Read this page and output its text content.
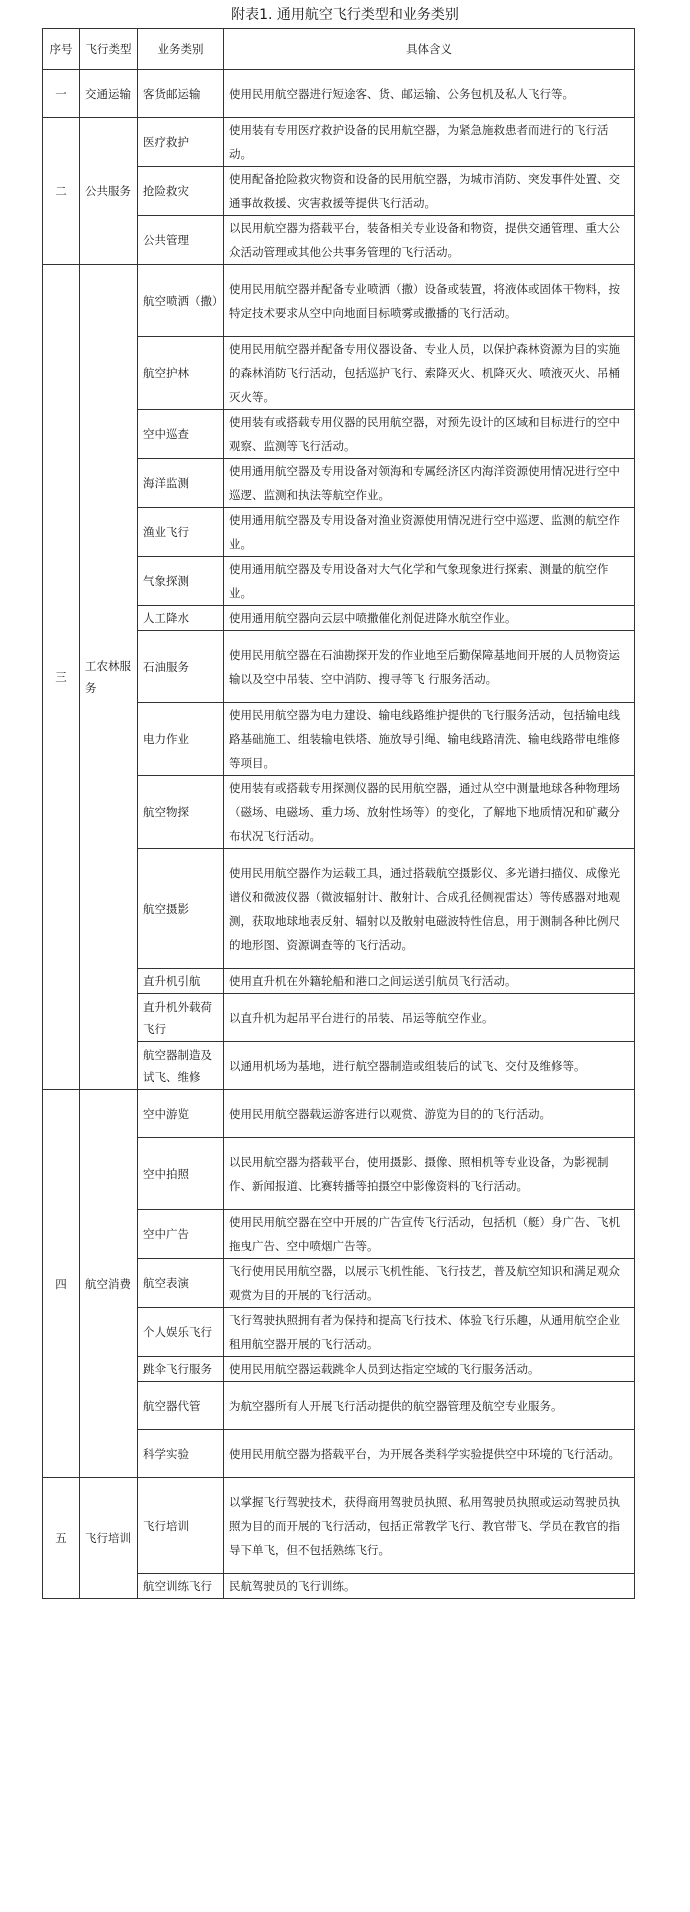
附表1. 通用航空飞行类型和业务类别
序号	飞行类型	业务类别	具体含义
一	交通运输	客货邮运输	使用民用航空器进行短途客、货、邮运输、公务包机及私人飞行等。
二	公共服务	医疗救护	使用装有专用医疗救护设备的民用航空器，为紧急施救患者而进行的飞行活动。
		抢险救灾	使用配备抢险救灾物资和设备的民用航空器，为城市消防、突发事件处置、交通事故救援、灾害救援等提供飞行活动。
		公共管理	以民用航空器为搭载平台，装备相关专业设备和物资，提供交通管理、重大公众活动管理或其他公共事务管理的飞行活动。
三	工农林服务	航空喷洒（撒）	使用民用航空器并配备专业喷洒（撒）设备或装置，将液体或固体干物料，按特定技术要求从空中向地面目标喷雾或撒播的飞行活动。
		航空护林	使用民用航空器并配备专用仪器设备、专业人员，以保护森林资源为目的实施的森林消防飞行活动，包括巡护飞行、索降灭火、机降灭火、喷液灭火、吊桶灭火等。
		空中巡查	使用装有或搭载专用仪器的民用航空器，对预先设计的区域和目标进行的空中观察、监测等飞行活动。
		海洋监测	使用通用航空器及专用设备对领海和专属经济区内海洋资源使用情况进行空中巡逻、监测和执法等航空作业。
		渔业飞行	使用通用航空器及专用设备对渔业资源使用情况进行空中巡逻、监测的航空作业。
		气象探测	使用通用航空器及专用设备对大气化学和气象现象进行探索、测量的航空作业。
		人工降水	使用通用航空器向云层中喷撒催化剂促进降水航空作业。
		石油服务	使用民用航空器在石油勘探开发的作业地至后勤保障基地间开展的人员物资运输以及空中吊装、空中消防、搜寻等飞 行服务活动。
		电力作业	使用民用航空器为电力建设、输电线路维护提供的飞行服务活动，包括输电线路基础施工、组装输电铁塔、施放导引绳、输电线路清洗、输电线路带电维修等项目。
		航空物探	使用装有或搭载专用探测仪器的民用航空器，通过从空中测量地球各种物理场（磁场、电磁场、重力场、放射性场等）的变化，了解地下地质情况和矿藏分布状况飞行活动。
		航空摄影	使用民用航空器作为运载工具，通过搭载航空摄影仪、多光谱扫描仪、成像光谱仪和微波仪器（微波辐射计、散射计、合成孔径侧视雷达）等传感器对地观测，获取地球地表反射、辐射以及散射电磁波特性信息，用于测制各种比例尺的地形图、资源调查等的飞行活动。
		直升机引航	使用直升机在外籍轮船和港口之间运送引航员飞行活动。
		直升机外载荷飞行	以直升机为起吊平台进行的吊装、吊运等航空作业。
		航空器制造及试飞、维修	以通用机场为基地，进行航空器制造或组装后的试飞、交付及维修等。
四	航空消费	空中游览	使用民用航空器载运游客进行以观赏、游览为目的的飞行活动。
		空中拍照	以民用航空器为搭载平台，使用摄影、摄像、照相机等专业设备，为影视制作、新闻报道、比赛转播等拍摄空中影像资料的飞行活动。
		空中广告	使用民用航空器在空中开展的广告宣传飞行活动，包括机（艇）身广告、飞机拖曳广告、空中喷烟广告等。
		航空表演	飞行使用民用航空器，以展示飞机性能、飞行技艺，普及航空知识和满足观众观赏为目的开展的飞行活动。
		个人娱乐飞行	飞行驾驶执照拥有者为保持和提高飞行技术、体验飞行乐趣，从通用航空企业租用航空器开展的飞行活动。
		跳伞飞行服务	使用民用航空器运载跳伞人员到达指定空域的飞行服务活动。
		航空器代管	为航空器所有人开展飞行活动提供的航空器管理及航空专业服务。
		科学实验	使用民用航空器为搭载平台，为开展各类科学实验提供空中环境的飞行活动。
五	飞行培训	飞行培训	以掌握飞行驾驶技术，获得商用驾驶员执照、私用驾驶员执照或运动驾驶员执照为目的而开展的飞行活动，包括正常教学飞行、教官带飞、学员在教官的指导下单飞，但不包括熟练飞行。
		航空训练飞行	民航驾驶员的飞行训练。
